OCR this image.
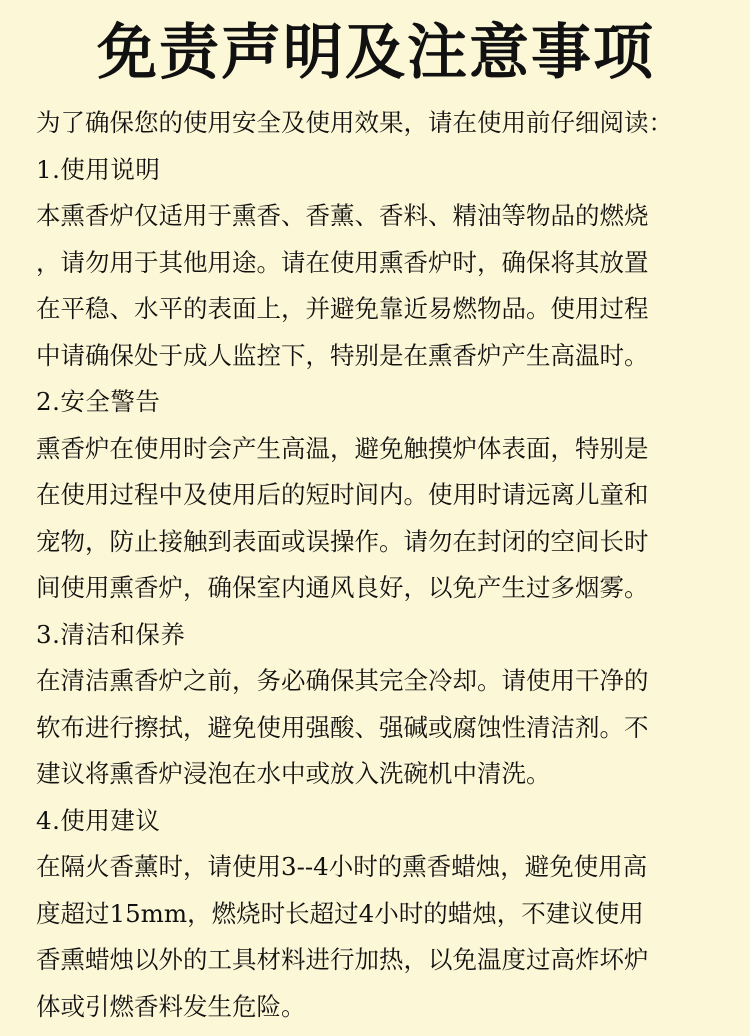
免责声明及注意事项
为了确保您的使用安全及使用效果，请在使用前仔细阅读：
1.使用说明
本熏香炉仅适用于熏香、香薰、香料、精油等物品的燃烧
，请勿用于其他用途。请在使用熏香炉时，确保将其放置
在平稳、水平的表面上，并避免靠近易燃物品。使用过程
中请确保处于成人监控下，特别是在熏香炉产生高温时。
2.安全警告
熏香炉在使用时会产生高温，避免触摸炉体表面，特别是
在使用过程中及使用后的短时间内。使用时请远离儿童和
宠物，防止接触到表面或误操作。请勿在封闭的空间长时
间使用熏香炉，确保室内通风良好，以免产生过多烟雾。
3.清洁和保养
在清洁熏香炉之前，务必确保其完全冷却。请使用干净的
软布进行擦拭，避免使用强酸、强碱或腐蚀性清洁剂。不
建议将熏香炉浸泡在水中或放入洗碗机中清洗。
4.使用建议
在隔火香薰时，请使用3--4小时的熏香蜡烛，避免使用高
度超过15mm，燃烧时长超过4小时的蜡烛，不建议使用
香熏蜡烛以外的工具材料进行加热，以免温度过高炸坏炉
体或引燃香料发生危险。
